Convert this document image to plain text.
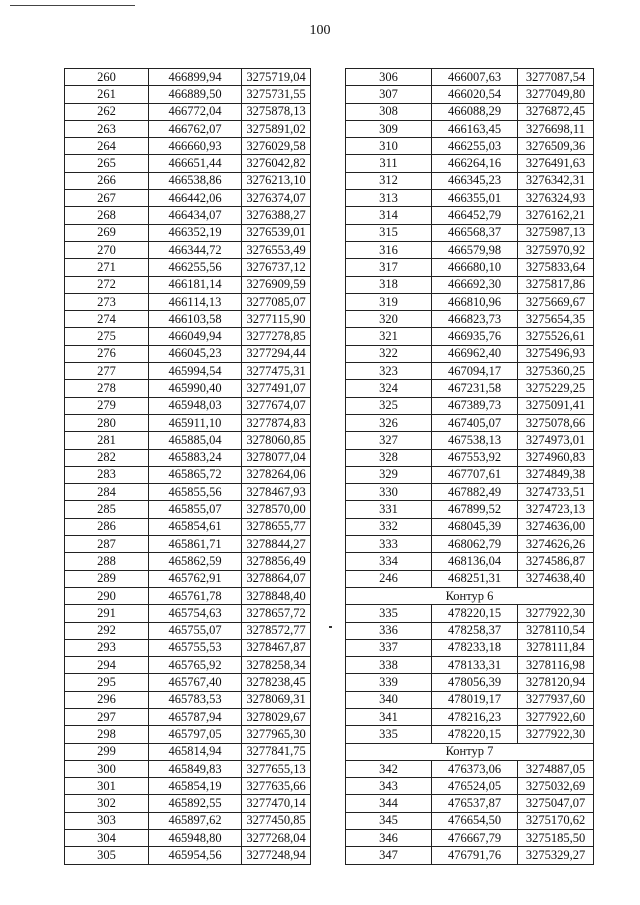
100
260	466899,94	3275719,04
261	466889,50	3275731,55
262	466772,04	3275878,13
263	466762,07	3275891,02
264	466660,93	3276029,58
265	466651,44	3276042,82
266	466538,86	3276213,10
267	466442,06	3276374,07
268	466434,07	3276388,27
269	466352,19	3276539,01
270	466344,72	3276553,49
271	466255,56	3276737,12
272	466181,14	3276909,59
273	466114,13	3277085,07
274	466103,58	3277115,90
275	466049,94	3277278,85
276	466045,23	3277294,44
277	465994,54	3277475,31
278	465990,40	3277491,07
279	465948,03	3277674,07
280	465911,10	3277874,83
281	465885,04	3278060,85
282	465883,24	3278077,04
283	465865,72	3278264,06
284	465855,56	3278467,93
285	465855,07	3278570,00
286	465854,61	3278655,77
287	465861,71	3278844,27
288	465862,59	3278856,49
289	465762,91	3278864,07
290	465761,78	3278848,40
291	465754,63	3278657,72
292	465755,07	3278572,77
293	465755,53	3278467,87
294	465765,92	3278258,34
295	465767,40	3278238,45
296	465783,53	3278069,31
297	465787,94	3278029,67
298	465797,05	3277965,30
299	465814,94	3277841,75
300	465849,83	3277655,13
301	465854,19	3277635,66
302	465892,55	3277470,14
303	465897,62	3277450,85
304	465948,80	3277268,04
305	465954,56	3277248,94
306	466007,63	3277087,54
307	466020,54	3277049,80
308	466088,29	3276872,45
309	466163,45	3276698,11
310	466255,03	3276509,36
311	466264,16	3276491,63
312	466345,23	3276342,31
313	466355,01	3276324,93
314	466452,79	3276162,21
315	466568,37	3275987,13
316	466579,98	3275970,92
317	466680,10	3275833,64
318	466692,30	3275817,86
319	466810,96	3275669,67
320	466823,73	3275654,35
321	466935,76	3275526,61
322	466962,40	3275496,93
323	467094,17	3275360,25
324	467231,58	3275229,25
325	467389,73	3275091,41
326	467405,07	3275078,66
327	467538,13	3274973,01
328	467553,92	3274960,83
329	467707,61	3274849,38
330	467882,49	3274733,51
331	467899,52	3274723,13
332	468045,39	3274636,00
333	468062,79	3274626,26
334	468136,04	3274586,87
246	468251,31	3274638,40
Контур 6		
335	478220,15	3277922,30
336	478258,37	3278110,54
337	478233,18	3278111,84
338	478133,31	3278116,98
339	478056,39	3278120,94
340	478019,17	3277937,60
341	478216,23	3277922,60
335	478220,15	3277922,30
Контур 7		
342	476373,06	3274887,05
343	476524,05	3275032,69
344	476537,87	3275047,07
345	476654,50	3275170,62
346	476667,79	3275185,50
347	476791,76	3275329,27
